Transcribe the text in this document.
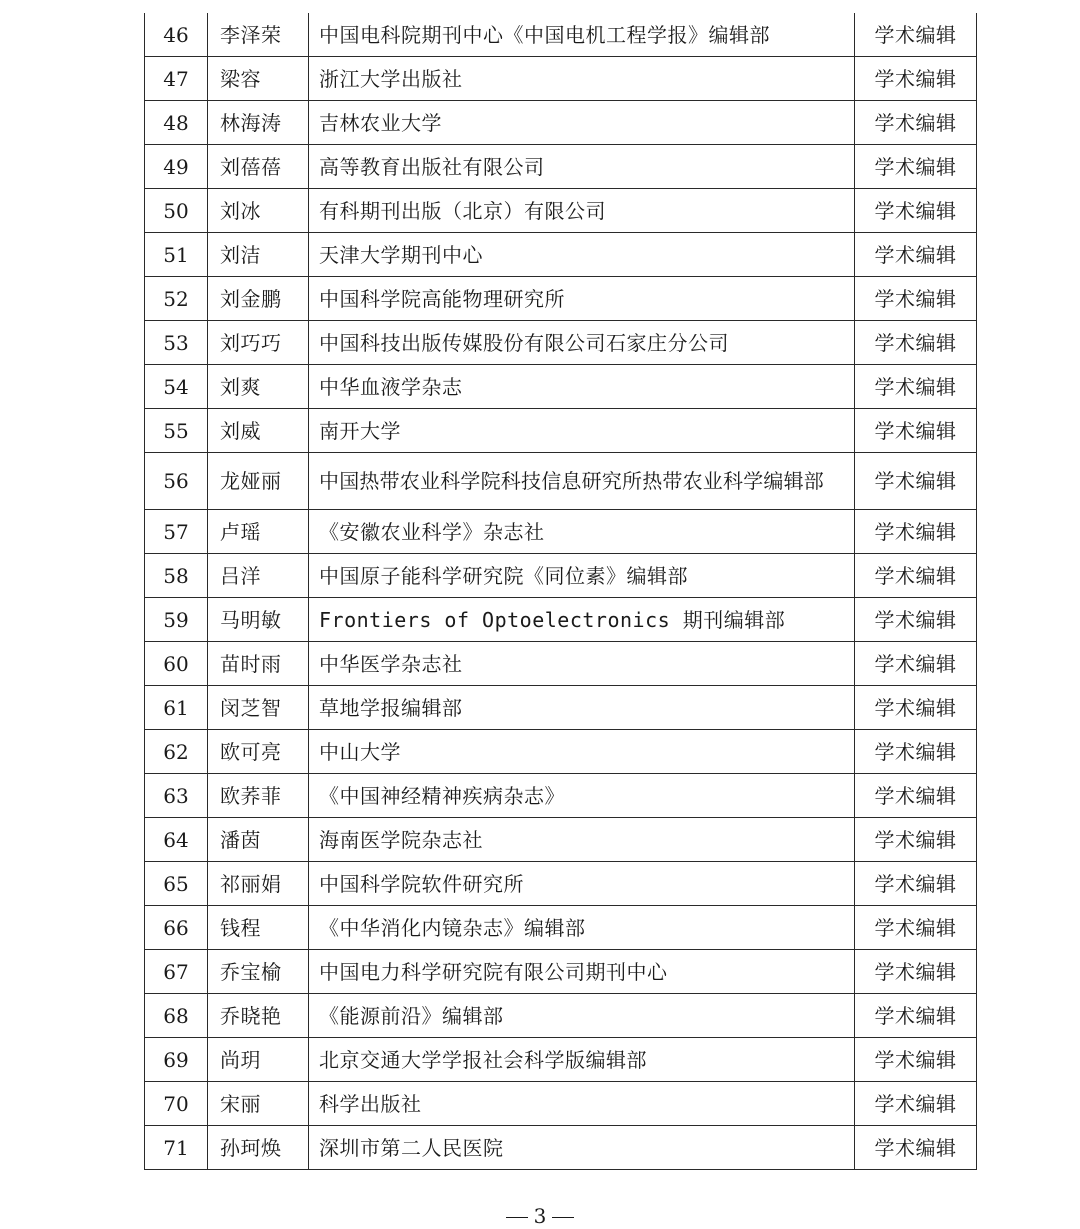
46	李泽荣	中国电科院期刊中心《中国电机工程学报》编辑部	学术编辑
47	梁容	浙江大学出版社	学术编辑
48	林海涛	吉林农业大学	学术编辑
49	刘蓓蓓	高等教育出版社有限公司	学术编辑
50	刘冰	有科期刊出版（北京）有限公司	学术编辑
51	刘洁	天津大学期刊中心	学术编辑
52	刘金鹏	中国科学院高能物理研究所	学术编辑
53	刘巧巧	中国科技出版传媒股份有限公司石家庄分公司	学术编辑
54	刘爽	中华血液学杂志	学术编辑
55	刘威	南开大学	学术编辑
56	龙娅丽	中国热带农业科学院科技信息研究所热带农业科学编辑部	学术编辑
57	卢瑶	《安徽农业科学》杂志社	学术编辑
58	吕洋	中国原子能科学研究院《同位素》编辑部	学术编辑
59	马明敏	Frontiers of Optoelectronics 期刊编辑部	学术编辑
60	苗时雨	中华医学杂志社	学术编辑
61	闵芝智	草地学报编辑部	学术编辑
62	欧可亮	中山大学	学术编辑
63	欧荞菲	《中国神经精神疾病杂志》	学术编辑
64	潘茵	海南医学院杂志社	学术编辑
65	祁丽娟	中国科学院软件研究所	学术编辑
66	钱程	《中华消化内镜杂志》编辑部	学术编辑
67	乔宝榆	中国电力科学研究院有限公司期刊中心	学术编辑
68	乔晓艳	《能源前沿》编辑部	学术编辑
69	尚玥	北京交通大学学报社会科学版编辑部	学术编辑
70	宋丽	科学出版社	学术编辑
71	孙珂焕	深圳市第二人民医院	学术编辑
3
